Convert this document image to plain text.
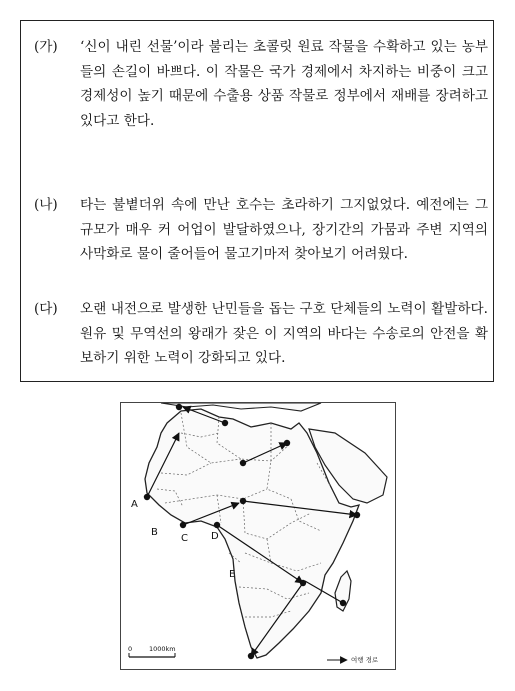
(가) ‘신이 내린 선물’이라 불리는 초콜릿 원료 작물을 수확하고 있는 농부들의 손길이 바쁘다. 이 작물은 국가 경제에서 차지하는 비중이 크고 경제성이 높기 때문에 수출용 상품 작물로 정부에서 재배를 장려하고 있다고 한다.
(나) 타는 불볕더위 속에 만난 호수는 초라하기 그지없었다. 예전에는 그 규모가 매우 커 어업이 발달하였으나, 장기간의 가뭄과 주변 지역의 사막화로 물이 줄어들어 물고기마저 찾아보기 어려웠다.
(다) 오랜 내전으로 발생한 난민들을 돕는 구호 단체들의 노력이 활발하다. 원유 및 무역선의 왕래가 잦은 이 지역의 바다는 수송로의 안전을 확보하기 위한 노력이 강화되고 있다.
A
B
C D
E
0	1000km
여행 경로
